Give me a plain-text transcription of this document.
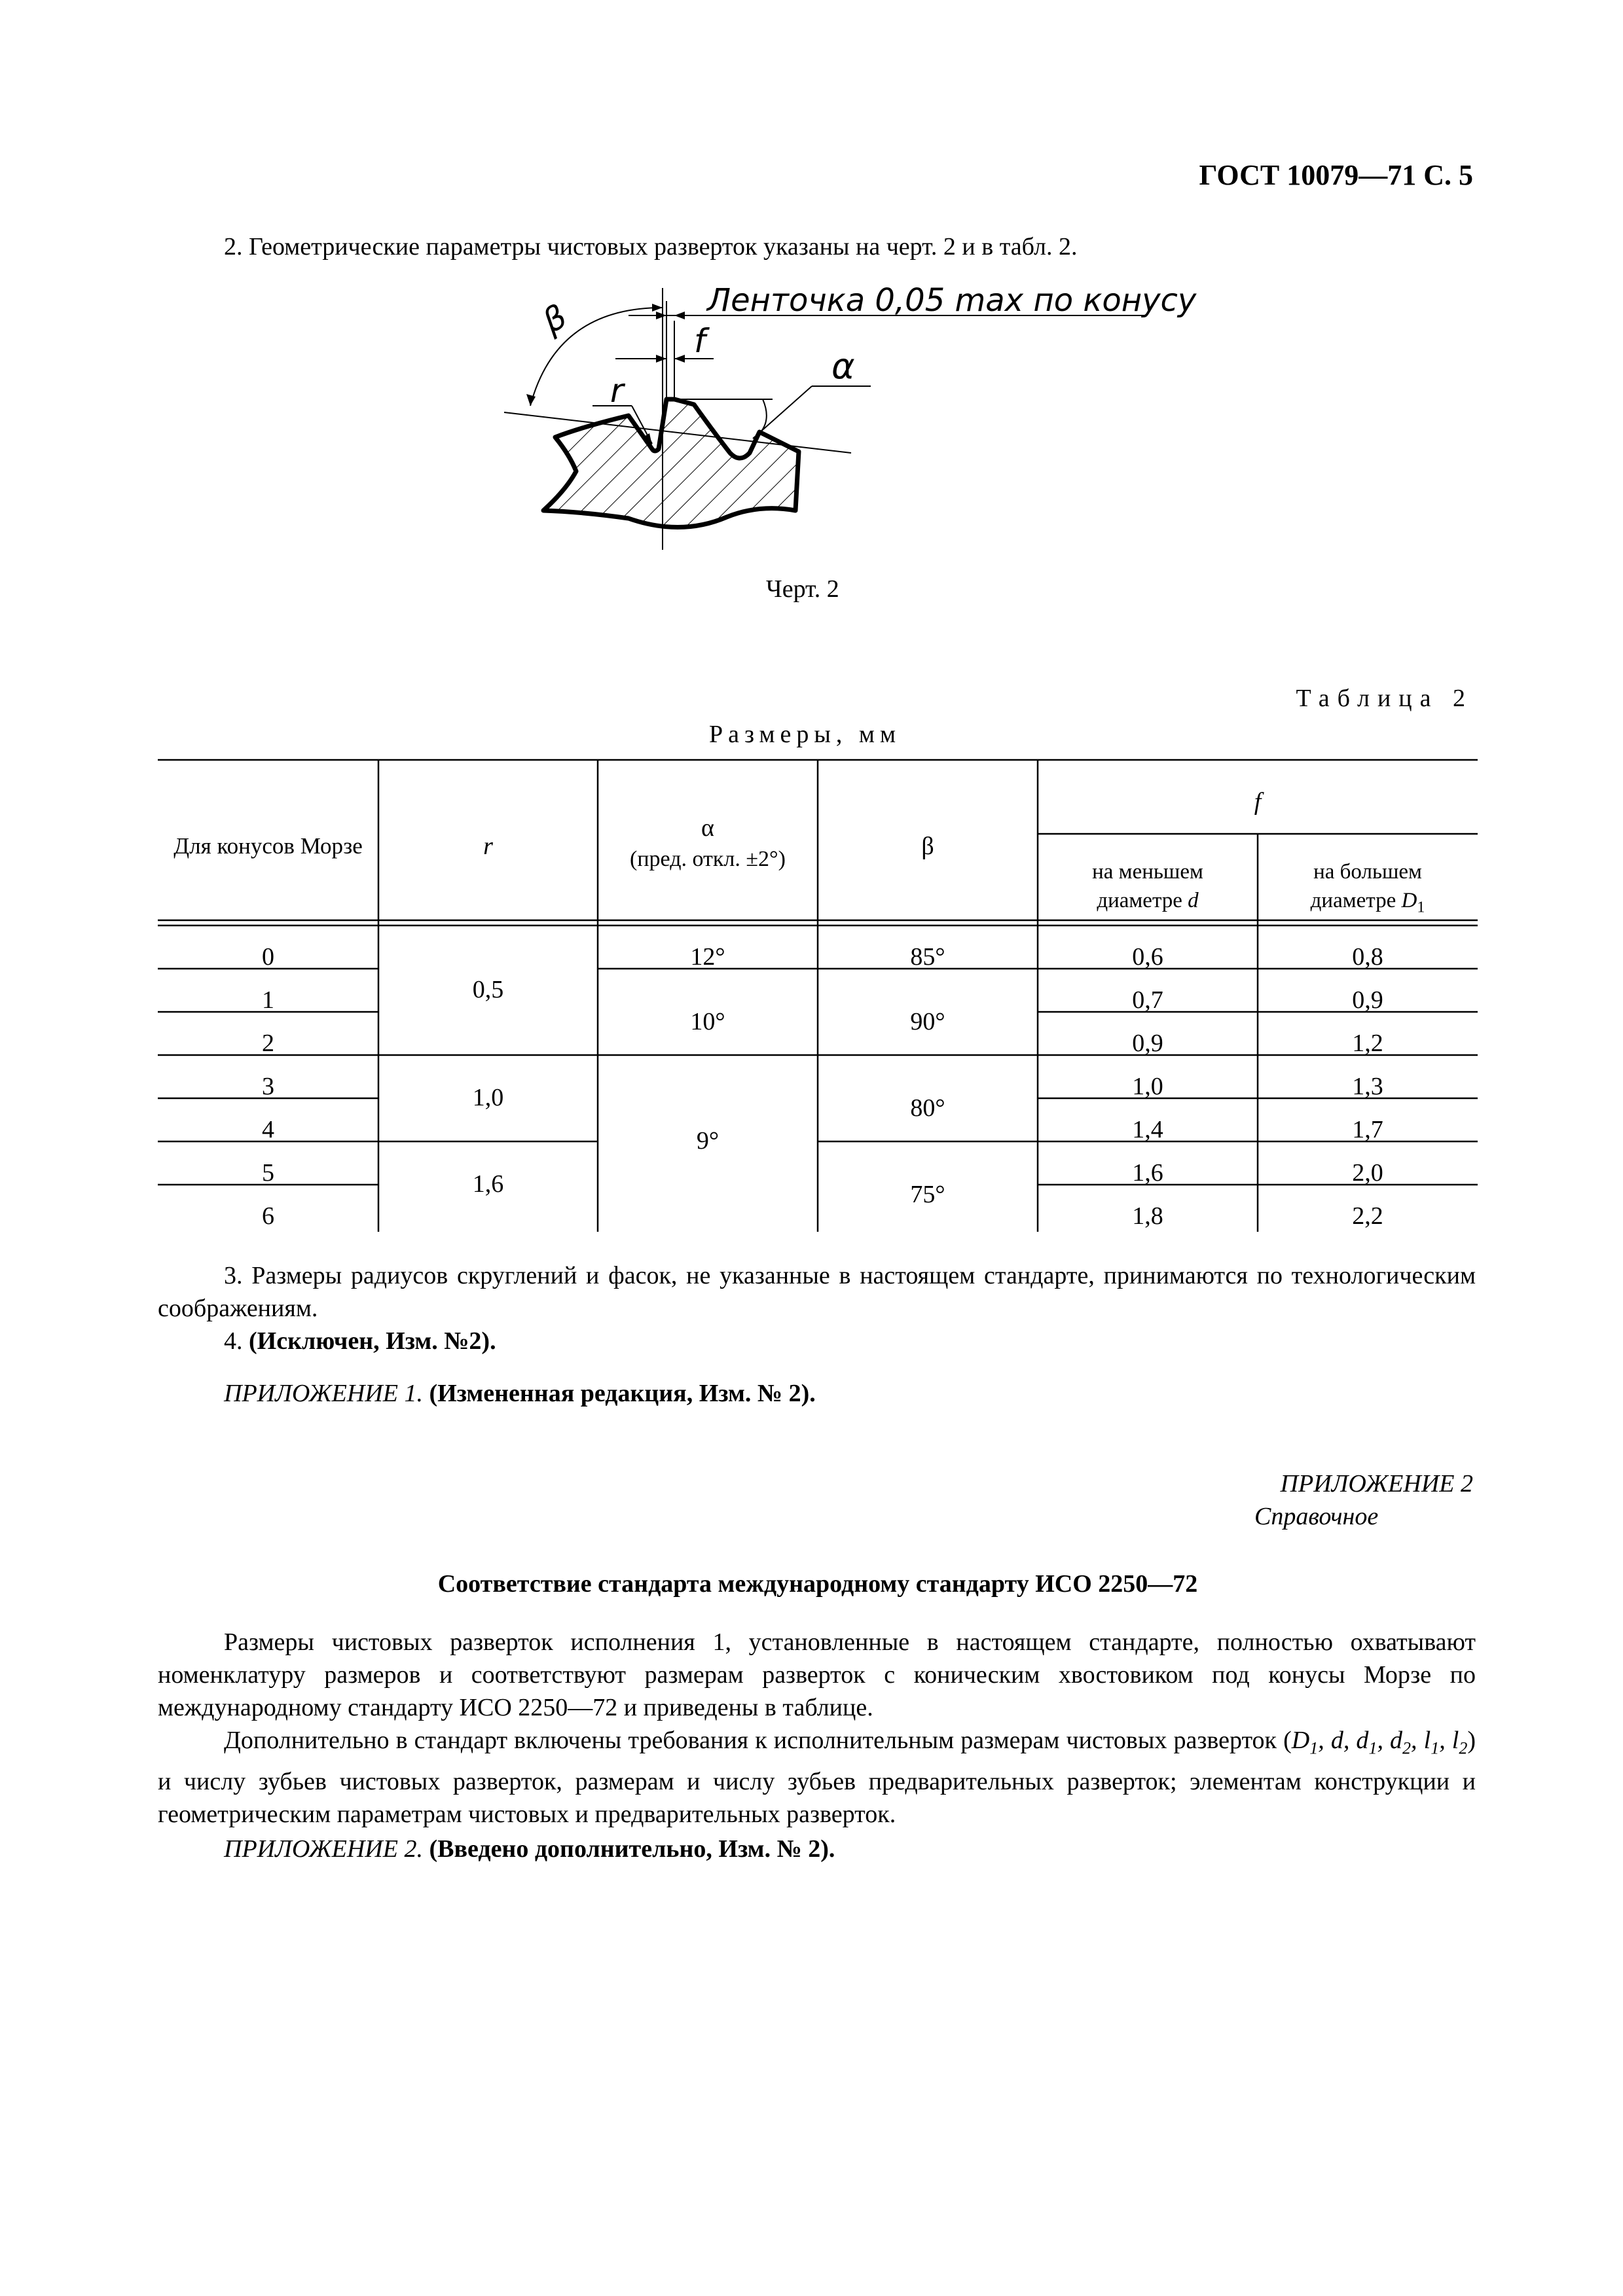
ГОСТ 10079—71 С. 5
2. Геометрические параметры чистовых разверток указаны на черт. 2 и в табл. 2.
Ленточка 0,05 max по конусу
β
f
r
α
Черт. 2
Таблица 2
Размеры, мм
Для конусов Морзе	r
α
(пред. откл. ±2°)	β
f
на меньшем
диаметре d
на большем
диаметре $D_1$
0
1
2
3
4
5
6
0,5
1,0
1,6
12°
10°
9°
85°
90°
80°
75°
0,6
0,7
0,9
1,0
1,4
1,6
1,8
0,8
0,9
1,2
1,3
1,7
2,0
2,2
3. Размеры радиусов скруглений и фасок, не указанные в настоящем стандарте, принимаются по технологическим соображениям.
4. (Исключен, Изм. №2).
ПРИЛОЖЕНИЕ 1. (Измененная редакция, Изм. № 2).
ПРИЛОЖЕНИЕ 2
Справочное
Соответствие стандарта международному стандарту ИСО 2250—72
Размеры чистовых разверток исполнения 1, установленные в настоящем стандарте, полностью охватывают номенклатуру размеров и соответствуют размерам разверток с коническим хвостовиком под конусы Морзе по международному стандарту ИСО 2250—72 и приведены в таблице.
Дополнительно в стандарт включены требования к исполнительным размерам чистовых разверток ($D_1$, d, $d_1$, $d_2$, $l_1$, $l_2$) и числу зубьев чистовых разверток, размерам и числу зубьев предварительных разверток; элементам конструкции и геометрическим параметрам чистовых и предварительных разверток.
ПРИЛОЖЕНИЕ 2. (Введено дополнительно, Изм. № 2).
